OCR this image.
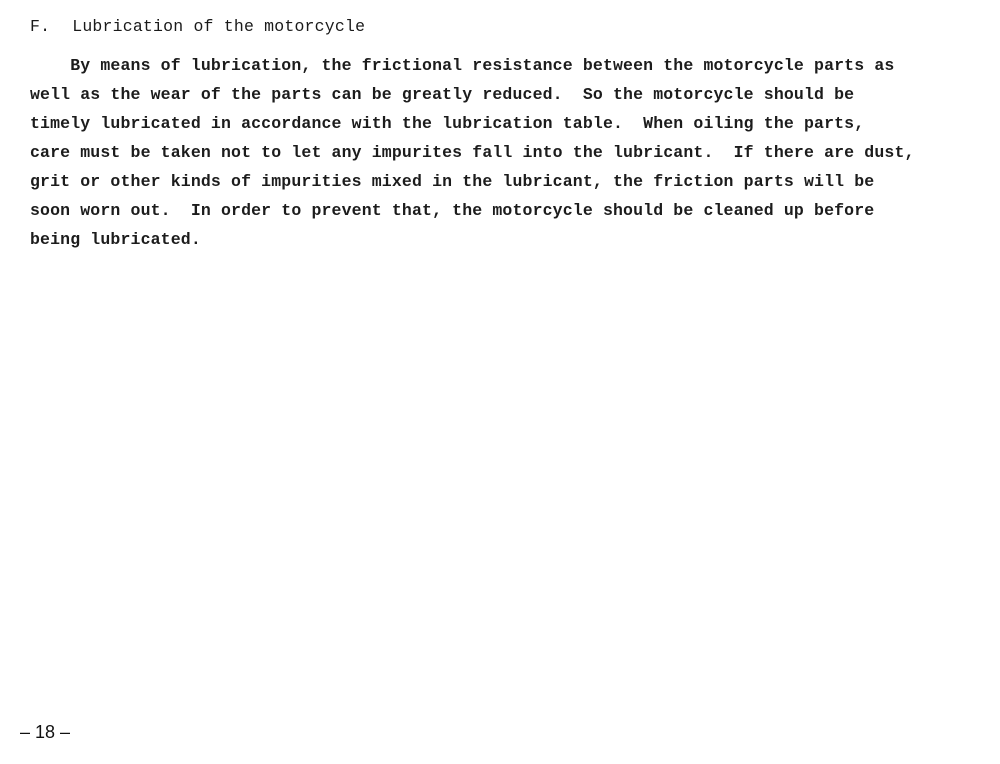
F. Lubrication of the motorcycle
By means of lubrication, the frictional resistance between the motorcycle parts as
well as the wear of the parts can be greatly reduced.  So the motorcycle should be
timely lubricated in accordance with the lubrication table.  When oiling the parts,
care must be taken not to let any impurites fall into the lubricant.  If there are dust,
grit or other kinds of impurities mixed in the lubricant, the friction parts will be
soon worn out.  In order to prevent that, the motorcycle should be cleaned up before
being lubricated.
– 18 –
